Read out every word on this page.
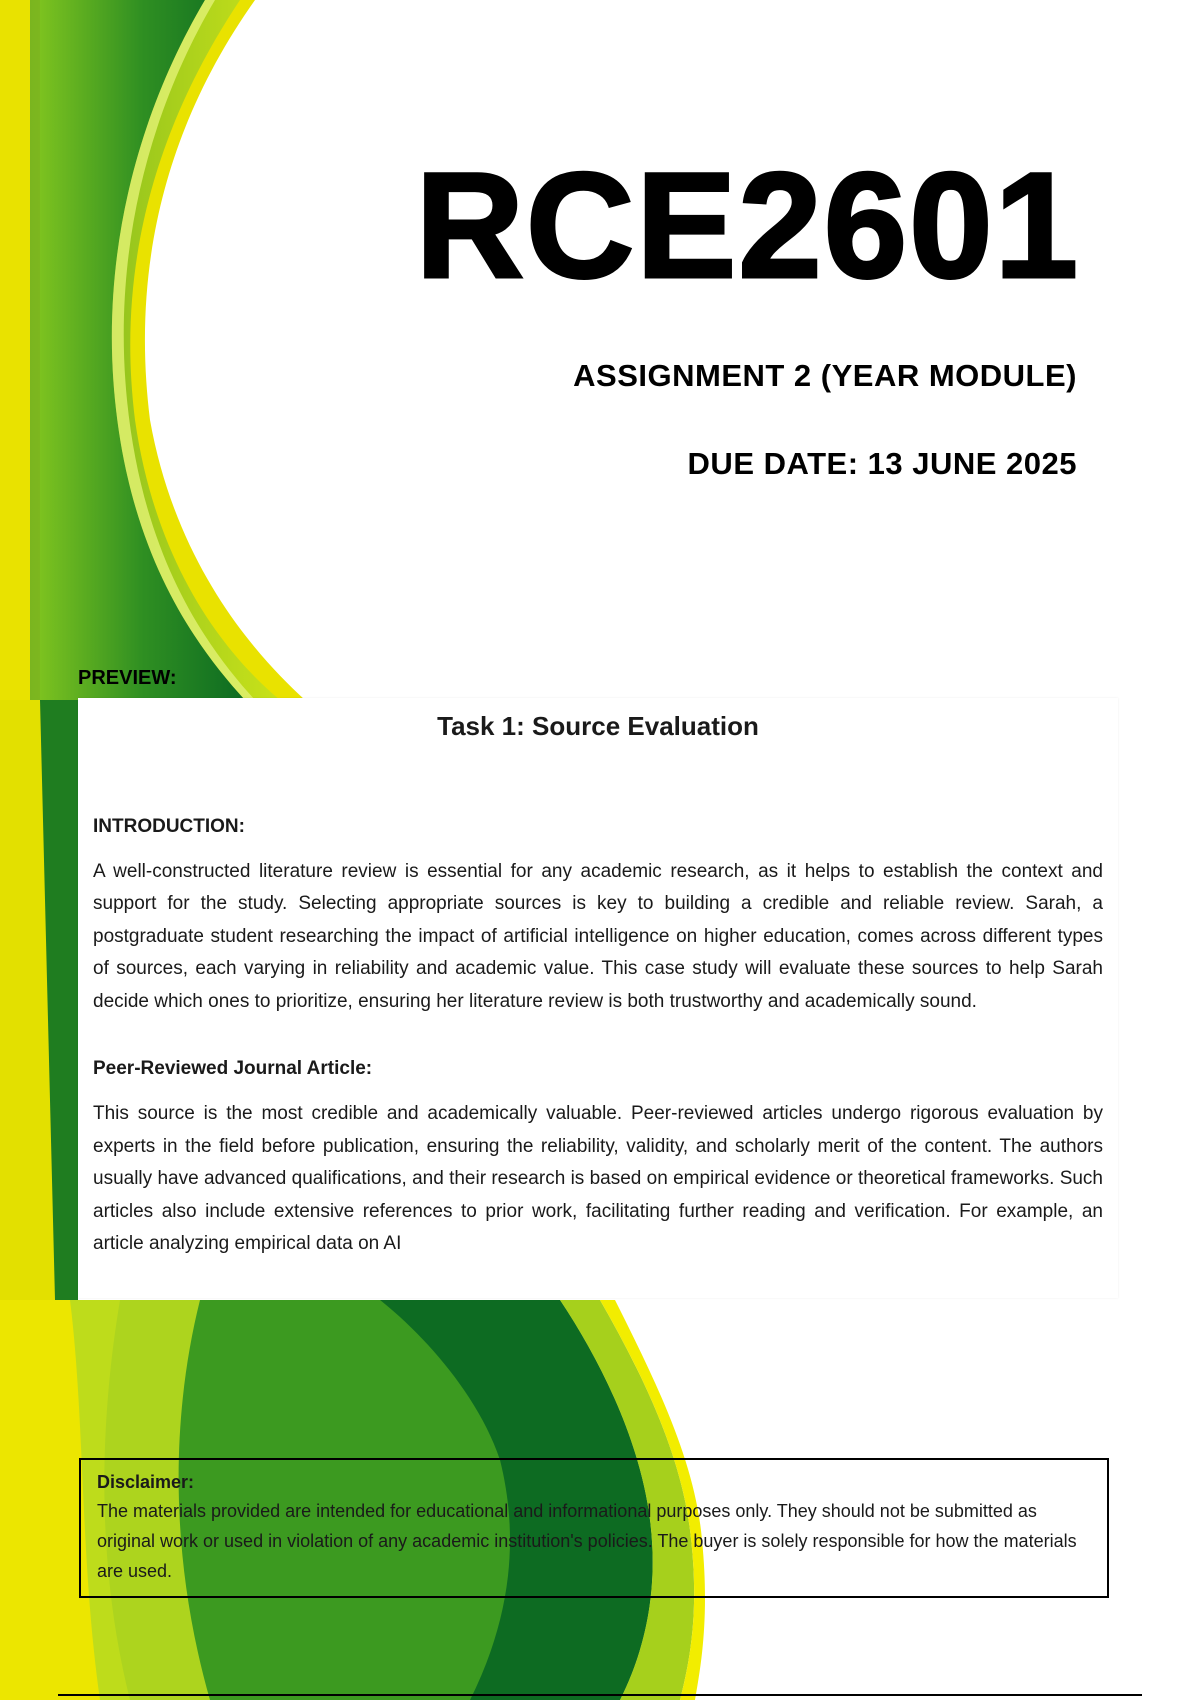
RCE2601
ASSIGNMENT 2 (YEAR MODULE)
DUE DATE: 13 JUNE 2025
PREVIEW:
Task 1: Source Evaluation
INTRODUCTION:

A well-constructed literature review is essential for any academic research, as it helps to establish the context and support for the study. Selecting appropriate sources is key to building a credible and reliable review. Sarah, a postgraduate student researching the impact of artificial intelligence on higher education, comes across different types of sources, each varying in reliability and academic value. This case study will evaluate these sources to help Sarah decide which ones to prioritize, ensuring her literature review is both trustworthy and academically sound.

Peer-Reviewed Journal Article:

This source is the most credible and academically valuable. Peer-reviewed articles undergo rigorous evaluation by experts in the field before publication, ensuring the reliability, validity, and scholarly merit of the content. The authors usually have advanced qualifications, and their research is based on empirical evidence or theoretical frameworks. Such articles also include extensive references to prior work, facilitating further reading and verification. For example, an article analyzing empirical data on AI

Disclaimer:
The materials provided are intended for educational and informational purposes only. They should not be submitted as original work or used in violation of any academic institution's policies. The buyer is solely responsible for how the materials are used.
